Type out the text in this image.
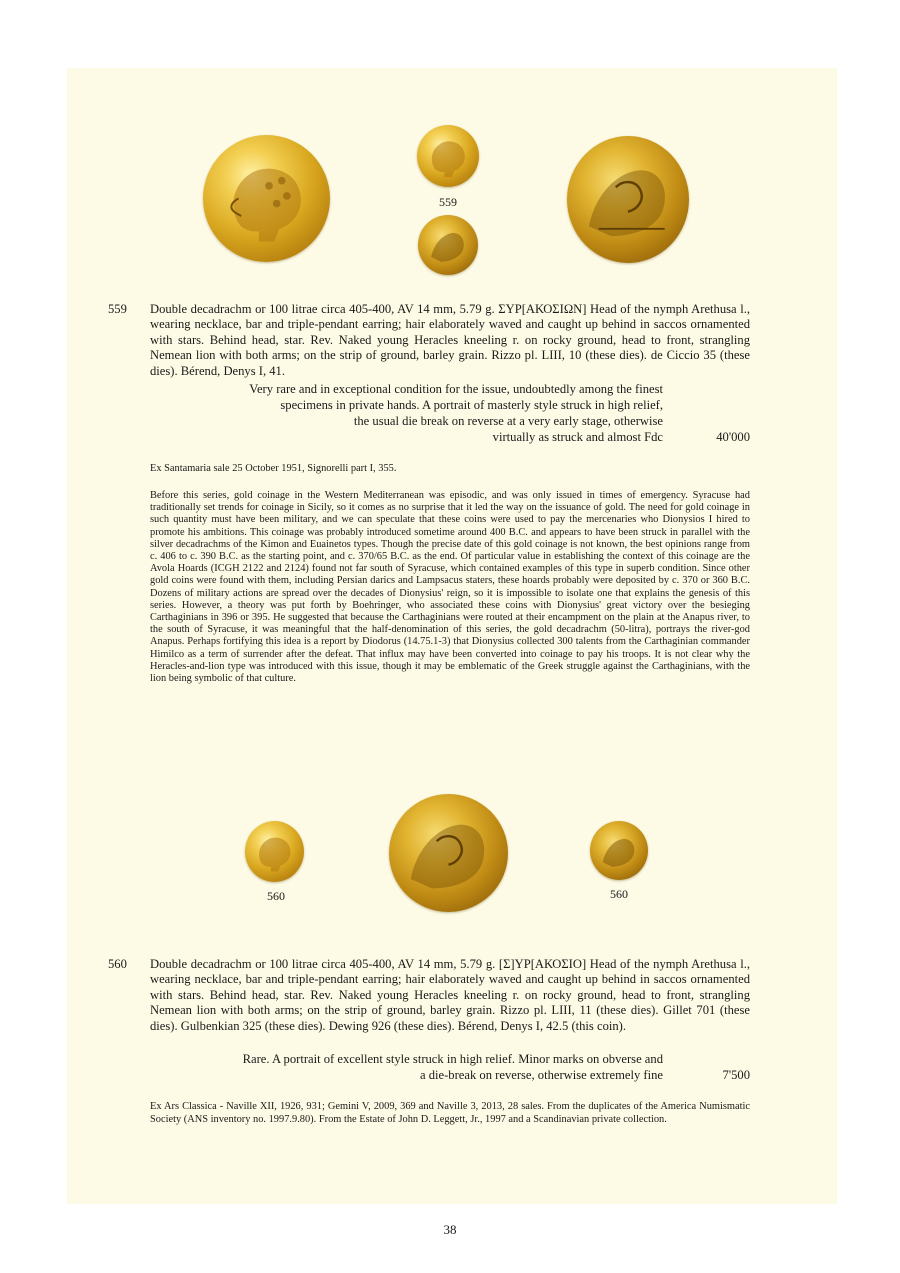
559
559 Double decadrachm or 100 litrae circa 405-400, AV 14 mm, 5.79 g. ΣΥΡ[ΑΚΟΣΙΩΝ] Head of the nymph Arethusa l., wearing necklace, bar and triple-pendant earring; hair elaborately waved and caught up behind in saccos ornamented with stars. Behind head, star. Rev. Naked young Heracles kneeling r. on rocky ground, head to front, strangling Nemean lion with both arms; on the strip of ground, barley grain. Rizzo pl. LIII, 10 (these dies). de Ciccio 35 (these dies). Bérend, Denys I, 41.
Very rare and in exceptional condition for the issue, undoubtedly among the finest
specimens in private hands. A portrait of masterly style struck in high relief,
the usual die break on reverse at a very early stage, otherwise
virtually as struck and almost Fdc	40'000
Ex Santamaria sale 25 October 1951, Signorelli part I, 355.
Before this series, gold coinage in the Western Mediterranean was episodic, and was only issued in times of emergency. Syracuse had traditionally set trends for coinage in Sicily, so it comes as no surprise that it led the way on the issuance of gold. The need for gold coinage in such quantity must have been military, and we can speculate that these coins were used to pay the mercenaries who Dionysios I hired to promote his ambitions. This coinage was probably introduced sometime around 400 B.C. and appears to have been struck in parallel with the silver decadrachms of the Kimon and Euainetos types. Though the precise date of this gold coinage is not known, the best opinions range from c. 406 to c. 390 B.C. as the starting point, and c. 370/65 B.C. as the end. Of particular value in establishing the context of this coinage are the Avola Hoards (ICGH 2122 and 2124) found not far south of Syracuse, which contained examples of this type in superb condition. Since other gold coins were found with them, including Persian darics and Lampsacus staters, these hoards probably were deposited by c. 370 or 360 B.C. Dozens of military actions are spread over the decades of Dionysius' reign, so it is impossible to isolate one that explains the genesis of this series. However, a theory was put forth by Boehringer, who associated these coins with Dionysius' great victory over the besieging Carthaginians in 396 or 395. He suggested that because the Carthaginians were routed at their encampment on the plain at the Anapus river, to the south of Syracuse, it was meaningful that the half-denomination of this series, the gold decadrachm (50-litra), portrays the river-god Anapus. Perhaps fortifying this idea is a report by Diodorus (14.75.1-3) that Dionysius collected 300 talents from the Carthaginian commander Himilco as a term of surrender after the defeat. That influx may have been converted into coinage to pay his troops. It is not clear why the Heracles-and-lion type was introduced with this issue, though it may be emblematic of the Greek struggle against the Carthaginians, with the lion being symbolic of that culture.
560	560
560 Double decadrachm or 100 litrae circa 405-400, AV 14 mm, 5.79 g. [Σ]ΥΡ[ΑΚΟΣΙΟ] Head of the nymph Arethusa l., wearing necklace, bar and triple-pendant earring; hair elaborately waved and caught up behind in saccos ornamented with stars. Behind head, star. Rev. Naked young Heracles kneeling r. on rocky ground, head to front, strangling Nemean lion with both arms; on the strip of ground, barley grain. Rizzo pl. LIII, 11 (these dies). Gillet 701 (these dies). Gulbenkian 325 (these dies). Dewing 926 (these dies). Bérend, Denys I, 42.5 (this coin).
Rare. A portrait of excellent style struck in high relief. Minor marks on obverse and
a die-break on reverse, otherwise extremely fine	7'500
Ex Ars Classica - Naville XII, 1926, 931; Gemini V, 2009, 369 and Naville 3, 2013, 28 sales. From the duplicates of the America Numismatic Society (ANS inventory no. 1997.9.80). From the Estate of John D. Leggett, Jr., 1997 and a Scandinavian private collection.
38
